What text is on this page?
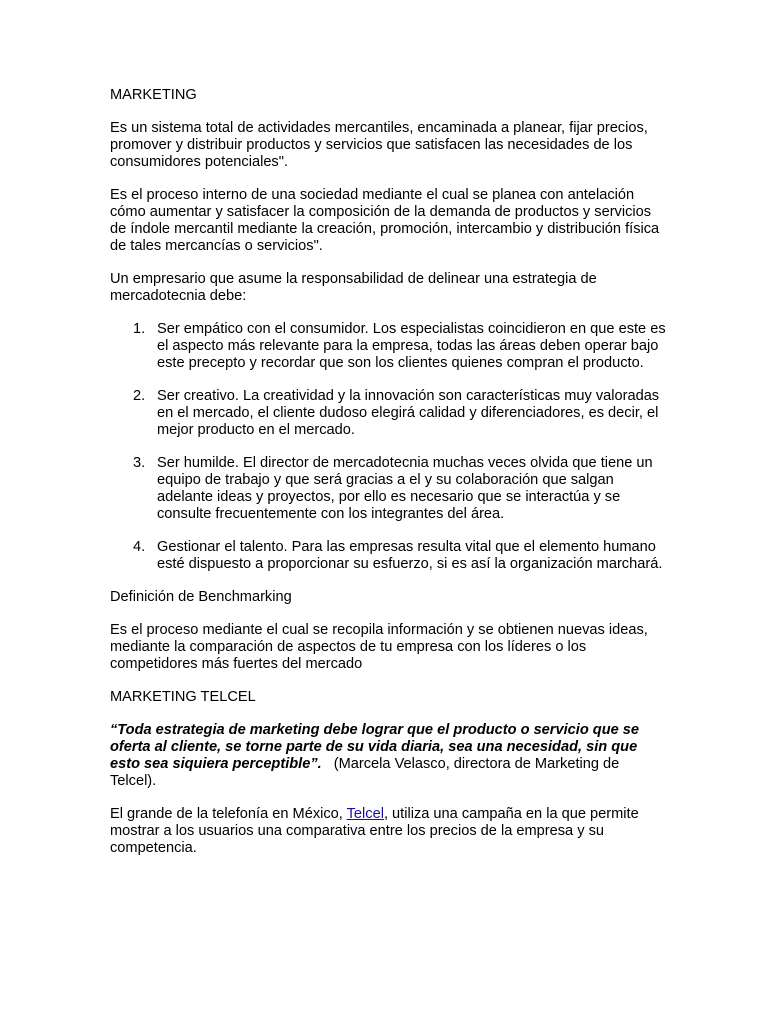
MARKETING

Es un sistema total de actividades mercantiles, encaminada a planear, fijar precios, promover y distribuir productos y servicios que satisfacen las necesidades de los consumidores potenciales".

Es el proceso interno de una sociedad mediante el cual se planea con antelación cómo aumentar y satisfacer la composición de la demanda de productos y servicios de índole mercantil mediante la creación, promoción, intercambio y distribución física de tales mercancías o servicios".

Un empresario que asume la responsabilidad de delinear una estrategia de mercadotecnia debe:

1. Ser empático con el consumidor. Los especialistas coincidieron en que este es el aspecto más relevante para la empresa, todas las áreas deben operar bajo este precepto y recordar que son los clientes quienes compran el producto.
2. Ser creativo. La creatividad y la innovación son características muy valoradas en el mercado, el cliente dudoso elegirá calidad y diferenciadores, es decir, el mejor producto en el mercado.
3. Ser humilde. El director de mercadotecnia muchas veces olvida que tiene un equipo de trabajo y que será gracias a el y su colaboración que salgan adelante ideas y proyectos, por ello es necesario que se interactúa y se consulte frecuentemente con los integrantes del área.
4. Gestionar el talento. Para las empresas resulta vital que el elemento humano esté dispuesto a proporcionar su esfuerzo, si es así la organización marchará.

Definición de Benchmarking

Es el proceso mediante el cual se recopila información y se obtienen nuevas ideas, mediante la comparación de aspectos de tu empresa con los líderes o los competidores más fuertes del mercado

MARKETING TELCEL

“Toda estrategia de marketing debe lograr que el producto o servicio que se oferta al cliente, se torne parte de su vida diaria, sea una necesidad, sin que esto sea siquiera perceptible”. (Marcela Velasco, directora de Marketing de Telcel).

El grande de la telefonía en México, Telcel, utiliza una campaña en la que permite mostrar a los usuarios una comparativa entre los precios de la empresa y su competencia.
